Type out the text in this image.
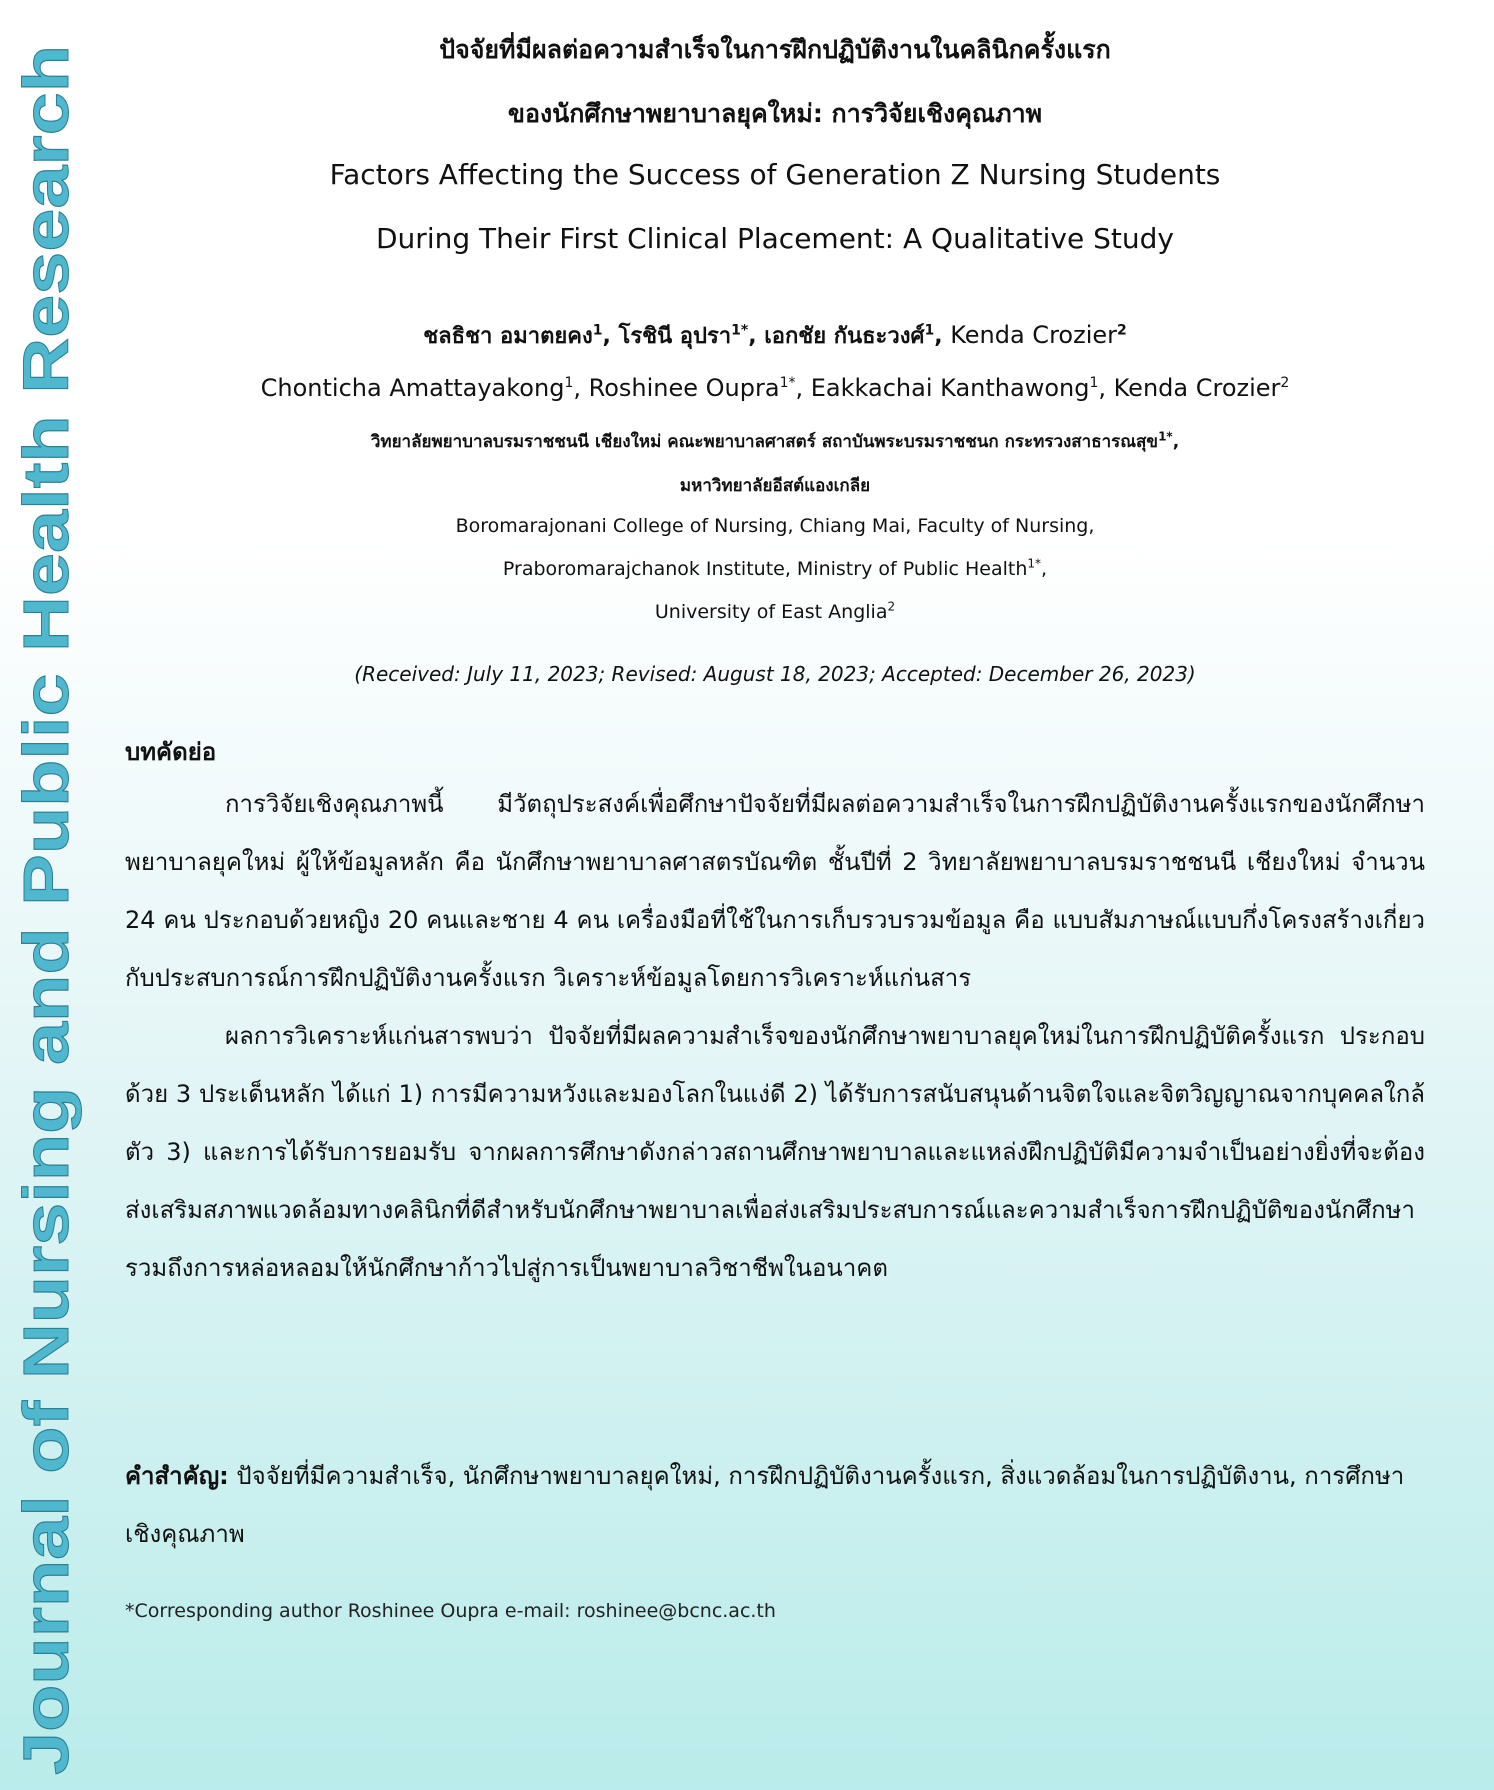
Journal of Nursing and Public Health Research
ปัจจัยที่มีผลต่อความสำเร็จในการฝึกปฏิบัติงานในคลินิกครั้งแรก
ของนักศึกษาพยาบาลยุคใหม่: การวิจัยเชิงคุณภาพ
Factors Affecting the Success of Generation Z Nursing Students
During Their First Clinical Placement: A Qualitative Study
ชลธิชา อมาตยคง$^1$, โรชินี อุปรา$^{1*}$, เอกชัย กันธะวงศ์$^1$, Kenda Crozier$^2$
Chonticha Amattayakong$^1$, Roshinee Oupra$^{1*}$, Eakkachai Kanthawong$^1$, Kenda Crozier$^2$
วิทยาลัยพยาบาลบรมราชชนนี เชียงใหม่ คณะพยาบาลศาสตร์ สถาบันพระบรมราชชนก กระทรวงสาธารณสุข$^{1*}$,
มหาวิทยาลัยอีสต์แองเกลีย
Boromarajonani College of Nursing, Chiang Mai, Faculty of Nursing,
Praboromarajchanok Institute, Ministry of Public Health$^{1*}$,
University of East Anglia$^2$
(Received: July 11, 2023; Revised: August 18, 2023; Accepted: December 26, 2023)
บทคัดย่อ

การวิจัยเชิงคุณภาพนี้ มีวัตถุประสงค์เพื่อศึกษาปัจจัยที่มีผลต่อความสำเร็จในการฝึกปฏิบัติงานครั้งแรกของนักศึกษาพยาบาลยุคใหม่ ผู้ให้ข้อมูลหลัก คือ นักศึกษาพยาบาลศาสตรบัณฑิต ชั้นปีที่ 2 วิทยาลัยพยาบาลบรมราชชนนี เชียงใหม่ จำนวน 24 คน ประกอบด้วยหญิง 20 คนและชาย 4 คน เครื่องมือที่ใช้ในการเก็บรวบรวมข้อมูล คือ แบบสัมภาษณ์แบบกึ่งโครงสร้างเกี่ยวกับประสบการณ์การฝึกปฏิบัติงานครั้งแรก วิเคราะห์ข้อมูลโดยการวิเคราะห์แก่นสาร

ผลการวิเคราะห์แก่นสารพบว่า ปัจจัยที่มีผลความสำเร็จของนักศึกษาพยาบาลยุคใหม่ในการฝึกปฏิบัติครั้งแรก ประกอบด้วย 3 ประเด็นหลัก ได้แก่ 1) การมีความหวังและมองโลกในแง่ดี 2) ได้รับการสนับสนุนด้านจิตใจและจิตวิญญาณจากบุคคลใกล้ตัว 3) และการได้รับการยอมรับ จากผลการศึกษาดังกล่าวสถานศึกษาพยาบาลและแหล่งฝึกปฏิบัติมีความจำเป็นอย่างยิ่งที่จะต้องส่งเสริมสภาพแวดล้อมทางคลินิกที่ดีสำหรับนักศึกษาพยาบาลเพื่อส่งเสริมประสบการณ์และความสำเร็จการฝึกปฏิบัติของนักศึกษา รวมถึงการหล่อหลอมให้นักศึกษาก้าวไปสู่การเป็นพยาบาลวิชาชีพในอนาคต

คำสำคัญ: ปัจจัยที่มีความสำเร็จ, นักศึกษาพยาบาลยุคใหม่, การฝึกปฏิบัติงานครั้งแรก, สิ่งแวดล้อมในการปฏิบัติงาน, การศึกษาเชิงคุณภาพ
*Corresponding author Roshinee Oupra e-mail: roshinee@bcnc.ac.th
